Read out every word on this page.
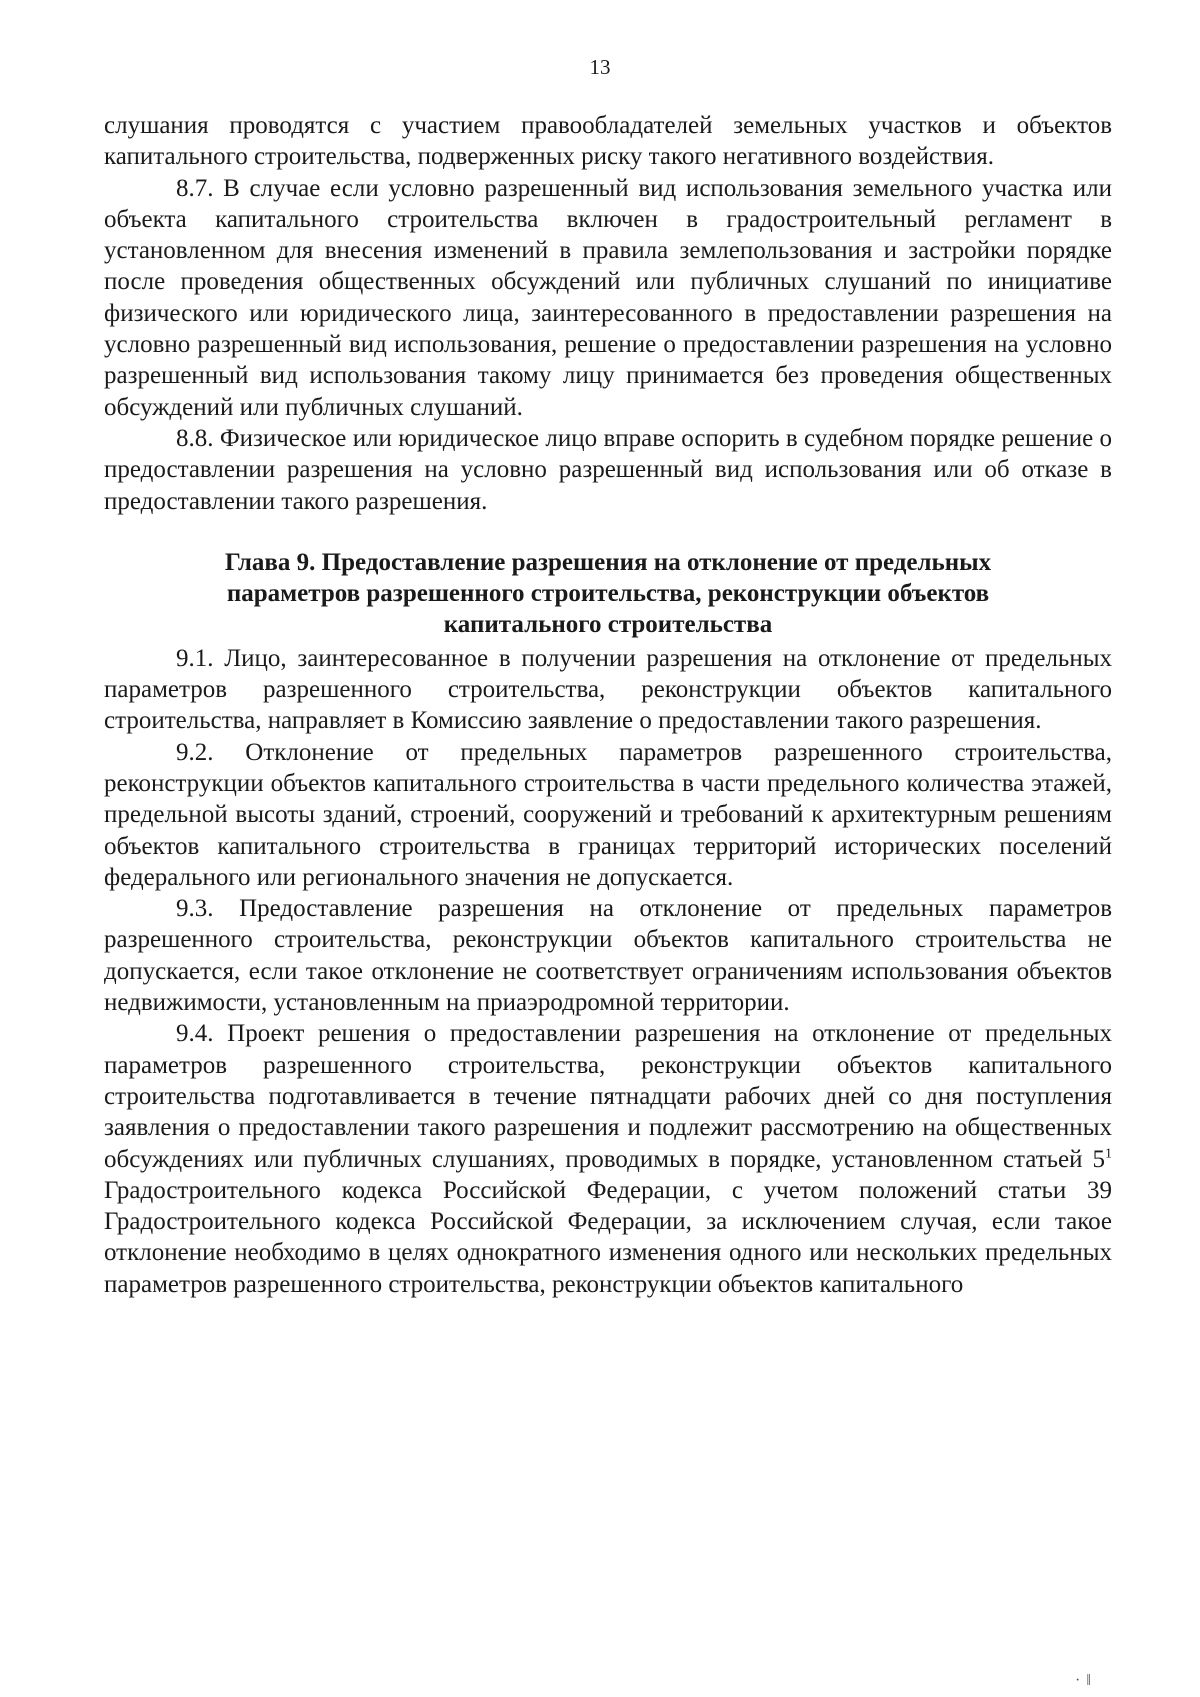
13

слушания проводятся с участием правообладателей земельных участков и объектов капитального строительства, подверженных риску такого негативного воздействия.

8.7. В случае если условно разрешенный вид использования земельного участка или объекта капитального строительства включен в градостроительный регламент в установленном для внесения изменений в правила землепользования и застройки порядке после проведения общественных обсуждений или публичных слушаний по инициативе физического или юридического лица, заинтересованного в предоставлении разрешения на условно разрешенный вид использования, решение о предоставлении разрешения на условно разрешенный вид использования такому лицу принимается без проведения общественных обсуждений или публичных слушаний.

8.8. Физическое или юридическое лицо вправе оспорить в судебном порядке решение о предоставлении разрешения на условно разрешенный вид использования или об отказе в предоставлении такого разрешения.

Глава 9. Предоставление разрешения на отклонение от предельных параметров разрешенного строительства, реконструкции объектов капитального строительства

9.1. Лицо, заинтересованное в получении разрешения на отклонение от предельных параметров разрешенного строительства, реконструкции объектов капитального строительства, направляет в Комиссию заявление о предоставлении такого разрешения.

9.2. Отклонение от предельных параметров разрешенного строительства, реконструкции объектов капитального строительства в части предельного количества этажей, предельной высоты зданий, строений, сооружений и требований к архитектурным решениям объектов капитального строительства в границах территорий исторических поселений федерального или регионального значения не допускается.

9.3. Предоставление разрешения на отклонение от предельных параметров разрешенного строительства, реконструкции объектов капитального строительства не допускается, если такое отклонение не соответствует ограничениям использования объектов недвижимости, установленным на приаэродромной территории.

9.4. Проект решения о предоставлении разрешения на отклонение от предельных параметров разрешенного строительства, реконструкции объектов капитального строительства подготавливается в течение пятнадцати рабочих дней со дня поступления заявления о предоставлении такого разрешения и подлежит рассмотрению на общественных обсуждениях или публичных слушаниях, проводимых в порядке, установленном статьей $5^1$ Градостроительного кодекса Российской Федерации, с учетом положений статьи 39 Градостроительного кодекса Российской Федерации, за исключением случая, если такое отклонение необходимо в целях однократного изменения одного или нескольких предельных параметров разрешенного строительства, реконструкции объектов капитального

· ‖
